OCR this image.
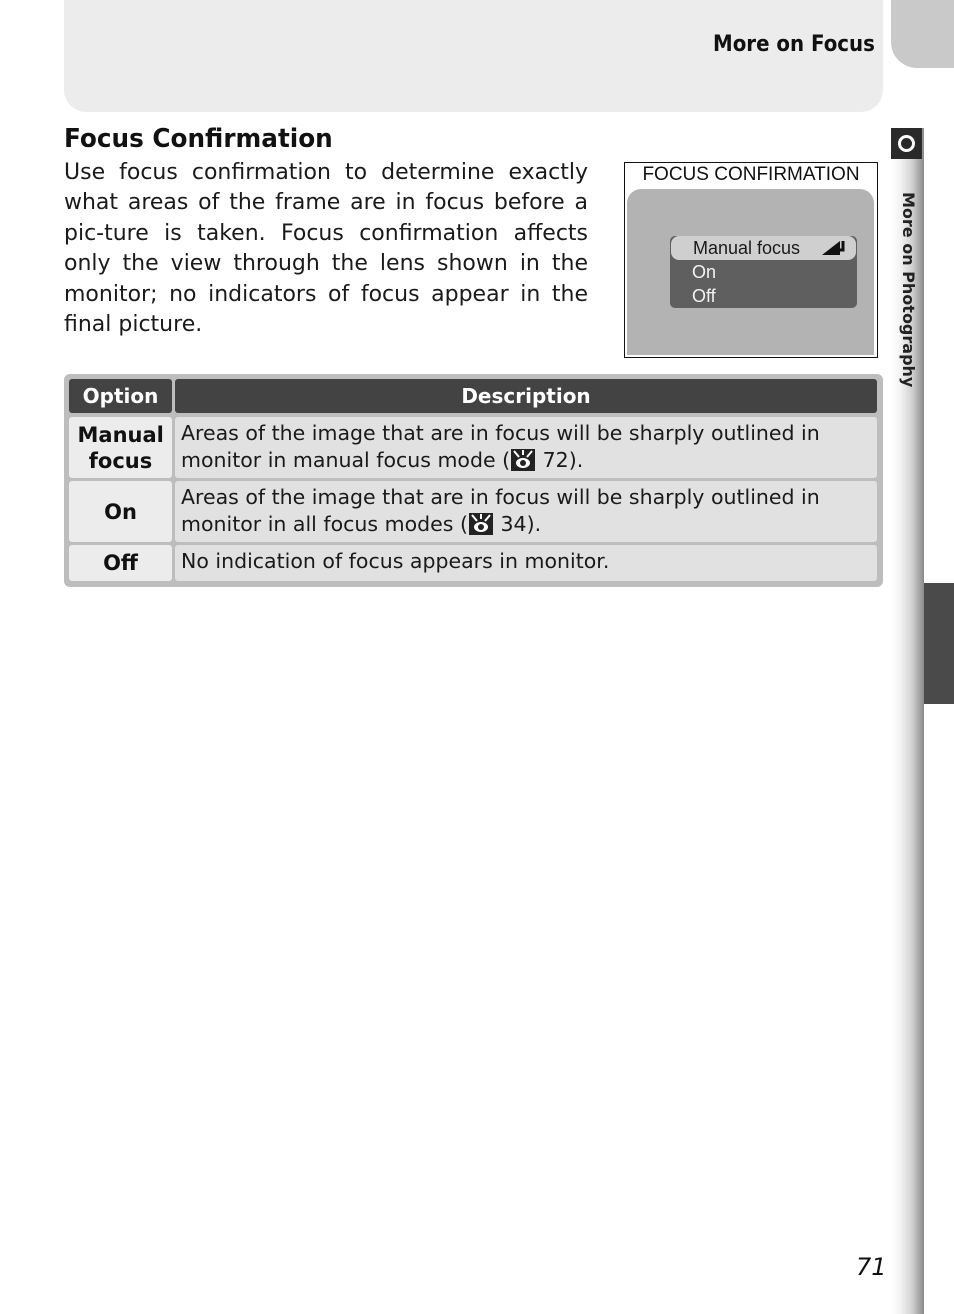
More on Focus
More on Photography
Focus Confirmation

Use focus confirmation to determine exactly what areas of the frame are in focus before a pic-ture is taken. Focus confirmation affects only the view through the lens shown in the monitor; no indicators of focus appear in the final picture.

FOCUS CONFIRMATION
Manual focus
On
Off
Option	Description
Manual focus
Areas of the image that are in focus will be sharply outlined in monitor in manual focus mode ( 72).
On
Areas of the image that are in focus will be sharply outlined in monitor in all focus modes ( 34).
Off	No indication of focus appears in monitor.
71
